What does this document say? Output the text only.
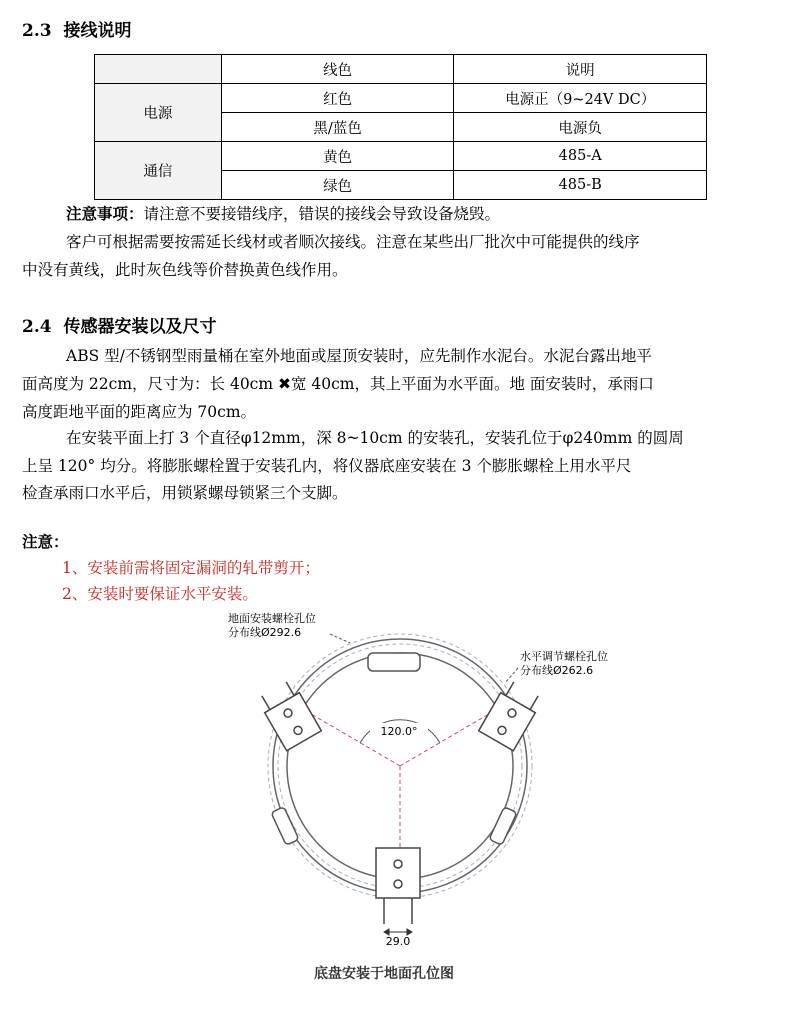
2.3 接线说明
	线色	说明
电源	红色	电源正（9~24V DC）
	黑/蓝色	电源负
通信	黄色	485-A
	绿色	485-B
注意事项：请注意不要接错线序，错误的接线会导致设备烧毁。
客户可根据需要按需延长线材或者顺次接线。注意在某些出厂批次中可能提供的线序
中没有黄线，此时灰色线等价替换黄色线作用。
2.4 传感器安装以及尺寸
ABS 型/不锈钢型雨量桶在室外地面或屋顶安装时，应先制作水泥台。水泥台露出地平
面高度为 22cm，尺寸为：长 40cm ✖宽 40cm，其上平面为水平面。地 面安装时，承雨口
高度距地平面的距离应为 70cm。
在安装平面上打 3 个直径φ12mm，深 8~10cm 的安装孔，安装孔位于φ240mm 的圆周
上呈 120° 均分。将膨胀螺栓置于安装孔内，将仪器底座安装在 3 个膨胀螺栓上用水平尺
检查承雨口水平后，用锁紧螺母锁紧三个支脚。
注意：
1、安装前需将固定漏洞的轧带剪开；
2、安装时要保证水平安装。
120.0°
29.0
地面安装螺栓孔位
分布线Ø292.6
水平调节螺栓孔位
分布线Ø262.6
底盘安装于地面孔位图
